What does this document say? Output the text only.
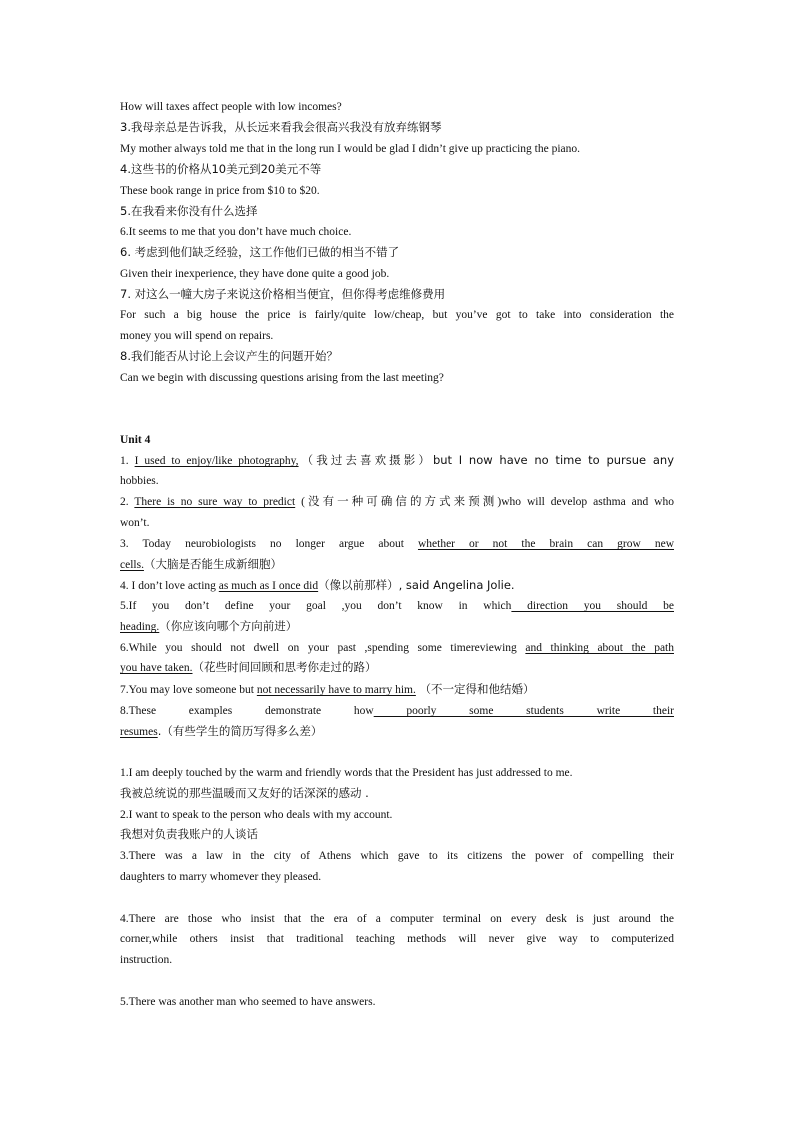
How will taxes affect people with low incomes?
3.我母亲总是告诉我，从长远来看我会很高兴我没有放弃练钢琴
My mother always told me that in the long run I would be glad I didn’t give up practicing the piano.
4.这些书的价格从10美元到20美元不等
These book range in price from $10 to $20.
5.在我看来你没有什么选择
6.It seems to me that you don’t have much choice.
6. 考虑到他们缺乏经验，这工作他们已做的相当不错了
Given their inexperience, they have done quite a good job.
7. 对这么一幢大房子来说这价格相当便宜，但你得考虑维修费用
For such a big house the price is fairly/quite low/cheap, but you’ve got to take into consideration the
money you will spend on repairs.
8.我们能否从讨论上会议产生的问题开始？
Can we begin with discussing questions arising from the last meeting?
Unit 4
1. I used to enjoy/like photography,（我过去喜欢摄影）but I now have no time to pursue any
hobbies.
2. There is no sure way to predict (没有一种可确信的方式来预测)who will develop asthma and who
won’t.
3. Today neurobiologists no longer argue about whether or not the brain can grow new
cells.（大脑是否能生成新细胞）
4. I don’t love acting as much as I once did（像以前那样）, said Angelina Jolie.
5.If you don’t define your goal ,you don’t know in which direction you should be
heading.（你应该向哪个方向前进）
6.While you should not dwell on your past ,spending some timereviewing and thinking about the path
you have taken.（花些时间回顾和思考你走过的路）
7.You may love someone but not necessarily have to marry him. （不一定得和他结婚）
8.These examples demonstrate how poorly some students write their
resumes.（有些学生的简历写得多么差）
1.I am deeply touched by the warm and friendly words that the President has just addressed to me.
我被总统说的那些温暖而又友好的话深深的感动 .
2.I want to speak to the person who deals with my account.
我想对负责我账户的人谈话
3.There was a law in the city of Athens which gave to its citizens the power of compelling their
daughters to marry whomever they pleased.
4.There are those who insist that the era of a computer terminal on every desk is just around the
corner,while others insist that traditional teaching methods will never give way to computerized
instruction.
5.There was another man who seemed to have answers.
